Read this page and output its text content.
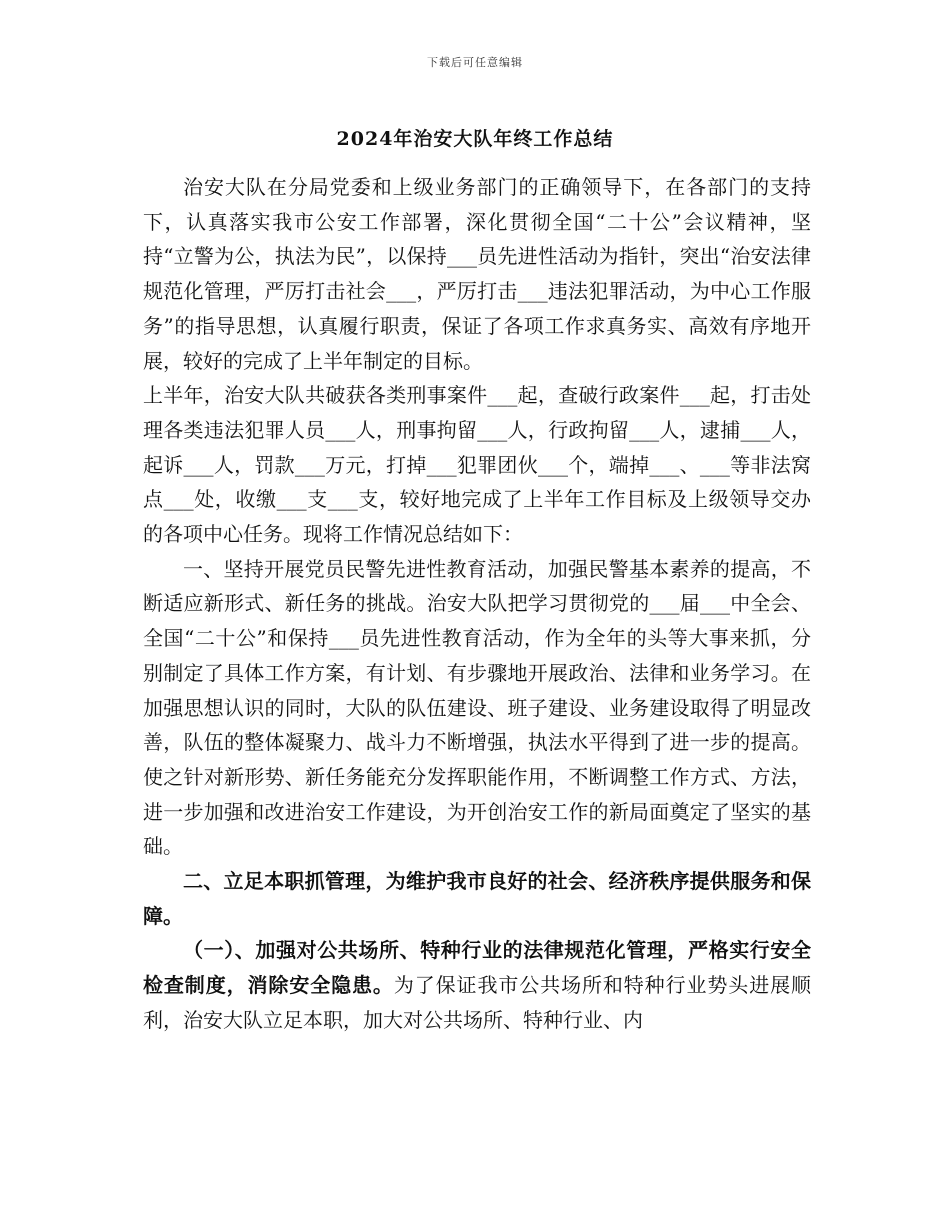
下载后可任意编辑
2024年治安大队年终工作总结

治安大队在分局党委和上级业务部门的正确领导下，在各部门的支持下，认真落实我市公安工作部署，深化贯彻全国“二十公”会议精神，坚持“立警为公，执法为民”，以保持___员先进性活动为指针，突出“治安法律规范化管理，严厉打击社会___，严厉打击___违法犯罪活动，为中心工作服务”的指导思想，认真履行职责，保证了各项工作求真务实、高效有序地开展，较好的完成了上半年制定的目标。

上半年，治安大队共破获各类刑事案件___起，查破行政案件___起，打击处理各类违法犯罪人员___人，刑事拘留___人，行政拘留___人，逮捕___人，起诉___人，罚款___万元，打掉___犯罪团伙___个，端掉___、___等非法窝点___处，收缴___支___支，较好地完成了上半年工作目标及上级领导交办的各项中心任务。现将工作情况总结如下：

一、坚持开展党员民警先进性教育活动，加强民警基本素养的提高，不断适应新形式、新任务的挑战。治安大队把学习贯彻党的___届___中全会、全国“二十公”和保持___员先进性教育活动，作为全年的头等大事来抓，分别制定了具体工作方案，有计划、有步骤地开展政治、法律和业务学习。在加强思想认识的同时，大队的队伍建设、班子建设、业务建设取得了明显改善，队伍的整体凝聚力、战斗力不断增强，执法水平得到了进一步的提高。使之针对新形势、新任务能充分发挥职能作用，不断调整工作方式、方法，进一步加强和改进治安工作建设，为开创治安工作的新局面奠定了坚实的基础。

二、立足本职抓管理，为维护我市良好的社会、经济秩序提供服务和保障。

（一）、加强对公共场所、特种行业的法律规范化管理，严格实行安全检查制度，消除安全隐患。为了保证我市公共场所和特种行业势头进展顺利，治安大队立足本职，加大对公共场所、特种行业、内
